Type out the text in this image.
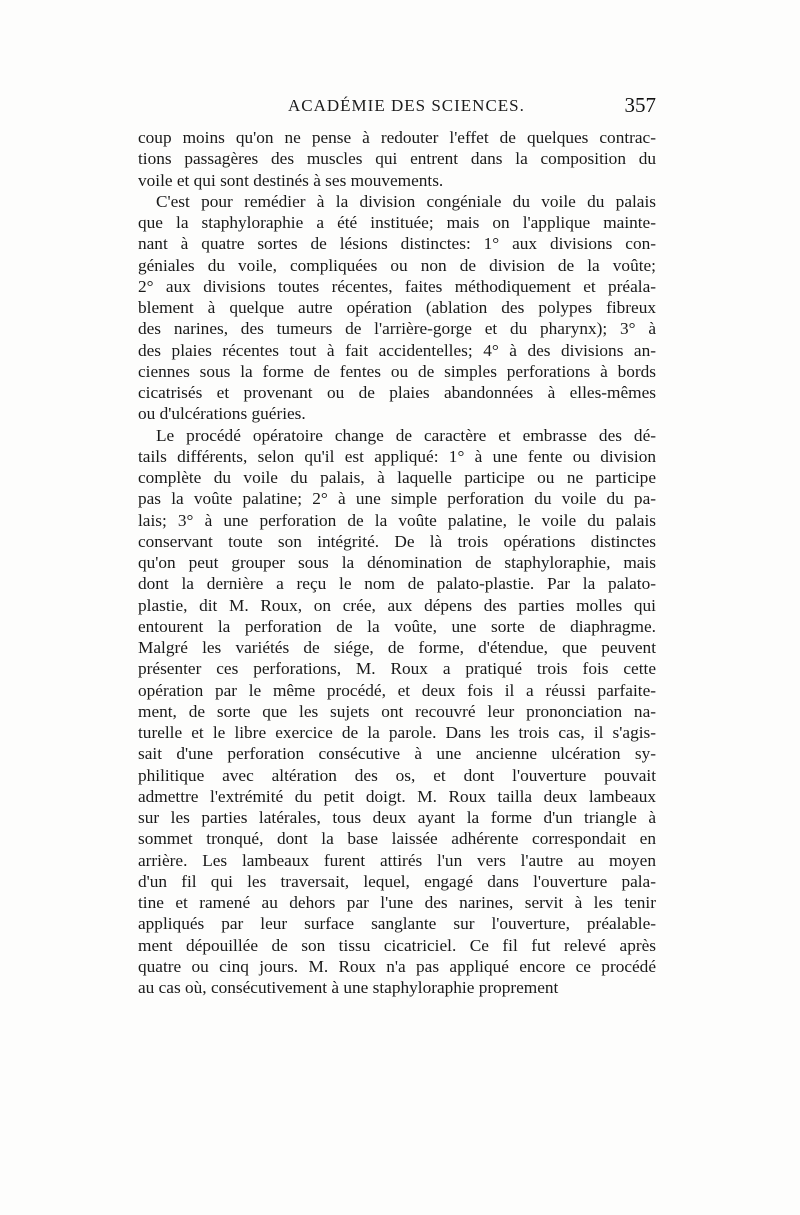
ACADÉMIE DES SCIENCES.	357
coup moins qu'on ne pense à redouter l'effet de quelques contrac-
tions passagères des muscles qui entrent dans la composition du
voile et qui sont destinés à ses mouvements.
C'est pour remédier à la division congéniale du voile du palais
que la staphyloraphie a été instituée; mais on l'applique mainte-
nant à quatre sortes de lésions distinctes: 1° aux divisions con-
géniales du voile, compliquées ou non de division de la voûte;
2° aux divisions toutes récentes, faites méthodiquement et préala-
blement à quelque autre opération (ablation des polypes fibreux
des narines, des tumeurs de l'arrière-gorge et du pharynx); 3° à
des plaies récentes tout à fait accidentelles; 4° à des divisions an-
ciennes sous la forme de fentes ou de simples perforations à bords
cicatrisés et provenant ou de plaies abandonnées à elles-mêmes
ou d'ulcérations guéries.
Le procédé opératoire change de caractère et embrasse des dé-
tails différents, selon qu'il est appliqué: 1° à une fente ou division
complète du voile du palais, à laquelle participe ou ne participe
pas la voûte palatine; 2° à une simple perforation du voile du pa-
lais; 3° à une perforation de la voûte palatine, le voile du palais
conservant toute son intégrité. De là trois opérations distinctes
qu'on peut grouper sous la dénomination de staphyloraphie, mais
dont la dernière a reçu le nom de palato-plastie. Par la palato-
plastie, dit M. Roux, on crée, aux dépens des parties molles qui
entourent la perforation de la voûte, une sorte de diaphragme.
Malgré les variétés de siége, de forme, d'étendue, que peuvent
présenter ces perforations, M. Roux a pratiqué trois fois cette
opération par le même procédé, et deux fois il a réussi parfaite-
ment, de sorte que les sujets ont recouvré leur prononciation na-
turelle et le libre exercice de la parole. Dans les trois cas, il s'agis-
sait d'une perforation consécutive à une ancienne ulcération sy-
philitique avec altération des os, et dont l'ouverture pouvait
admettre l'extrémité du petit doigt. M. Roux tailla deux lambeaux
sur les parties latérales, tous deux ayant la forme d'un triangle à
sommet tronqué, dont la base laissée adhérente correspondait en
arrière. Les lambeaux furent attirés l'un vers l'autre au moyen
d'un fil qui les traversait, lequel, engagé dans l'ouverture pala-
tine et ramené au dehors par l'une des narines, servit à les tenir
appliqués par leur surface sanglante sur l'ouverture, préalable-
ment dépouillée de son tissu cicatriciel. Ce fil fut relevé après
quatre ou cinq jours. M. Roux n'a pas appliqué encore ce procédé
au cas où, consécutivement à une staphyloraphie proprement
